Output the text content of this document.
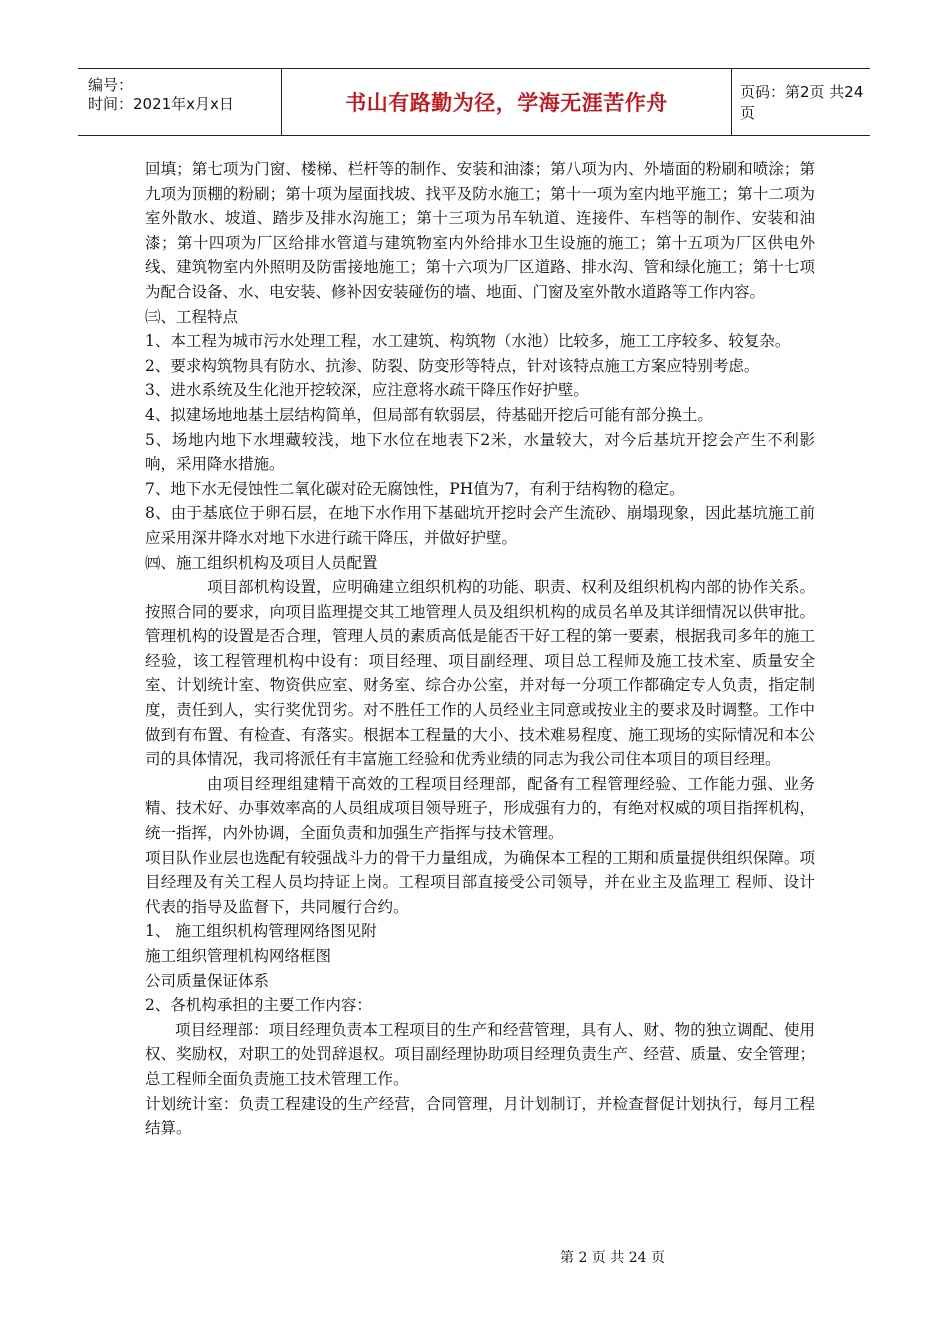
编号：
时间：2021年x月x日	书山有路勤为径，学海无涯苦作舟	页码：第2页 共24页

回填；第七项为门窗、楼梯、栏杆等的制作、安装和油漆；第八项为内、外墙面的粉刷和喷涂；第九项为顶棚的粉刷；第十项为屋面找坡、找平及防水施工；第十一项为室内地平施工；第十二项为室外散水、坡道、踏步及排水沟施工；第十三项为吊车轨道、连接件、车档等的制作、安装和油漆；第十四项为厂区给排水管道与建筑物室内外给排水卫生设施的施工；第十五项为厂区供电外线、建筑物室内外照明及防雷接地施工；第十六项为厂区道路、排水沟、管和绿化施工；第十七项为配合设备、水、电安装、修补因安装碰伤的墙、地面、门窗及室外散水道路等工作内容。

㈢、工程特点

1、本工程为城市污水处理工程，水工建筑、构筑物（水池）比较多，施工工序较多、较复杂。

2、要求构筑物具有防水、抗渗、防裂、防变形等特点，针对该特点施工方案应特别考虑。

3、进水系统及生化池开挖较深，应注意将水疏干降压作好护壁。

4、拟建场地地基土层结构简单，但局部有软弱层，待基础开挖后可能有部分换土。

5、场地内地下水埋藏较浅，地下水位在地表下2米，水量较大，对今后基坑开挖会产生不利影响，采用降水措施。

7、地下水无侵蚀性二氧化碳对砼无腐蚀性，PH值为7，有利于结构物的稳定。

8、由于基底位于卵石层，在地下水作用下基础坑开挖时会产生流砂、崩塌现象，因此基坑施工前应采用深井降水对地下水进行疏干降压，并做好护壁。

㈣、施工组织机构及项目人员配置

项目部机构设置，应明确建立组织机构的功能、职责、权利及组织机构内部的协作关系。按照合同的要求，向项目监理提交其工地管理人员及组织机构的成员名单及其详细情况以供审批。管理机构的设置是否合理，管理人员的素质高低是能否干好工程的第一要素，根据我司多年的施工经验，该工程管理机构中设有：项目经理、项目副经理、项目总工程师及施工技术室、质量安全室、计划统计室、物资供应室、财务室、综合办公室，并对每一分项工作都确定专人负责，指定制度，责任到人，实行奖优罚劣。对不胜任工作的人员经业主同意或按业主的要求及时调整。工作中做到有布置、有检查、有落实。根据本工程量的大小、技术难易程度、施工现场的实际情况和本公司的具体情况，我司将派任有丰富施工经验和优秀业绩的同志为我公司住本项目的项目经理。

由项目经理组建精干高效的工程项目经理部，配备有工程管理经验、工作能力强、业务精、技术好、办事效率高的人员组成项目领导班子，形成强有力的，有绝对权威的项目指挥机构，统一指挥，内外协调，全面负责和加强生产指挥与技术管理。

项目队作业层也选配有较强战斗力的骨干力量组成，为确保本工程的工期和质量提供组织保障。项目经理及有关工程人员均持证上岗。工程项目部直接受公司领导，并在业主及监理工 程师、设计代表的指导及监督下，共同履行合约。

1、 施工组织机构管理网络图见附

施工组织管理机构网络框图

公司质量保证体系

2、各机构承担的主要工作内容：

项目经理部：项目经理负责本工程项目的生产和经营管理，具有人、财、物的独立调配、使用权、奖励权，对职工的处罚辞退权。项目副经理协助项目经理负责生产、经营、质量、安全管理；总工程师全面负责施工技术管理工作。

计划统计室：负责工程建设的生产经营，合同管理，月计划制订，并检查督促计划执行，每月工程结算。

第 2 页 共 24 页
